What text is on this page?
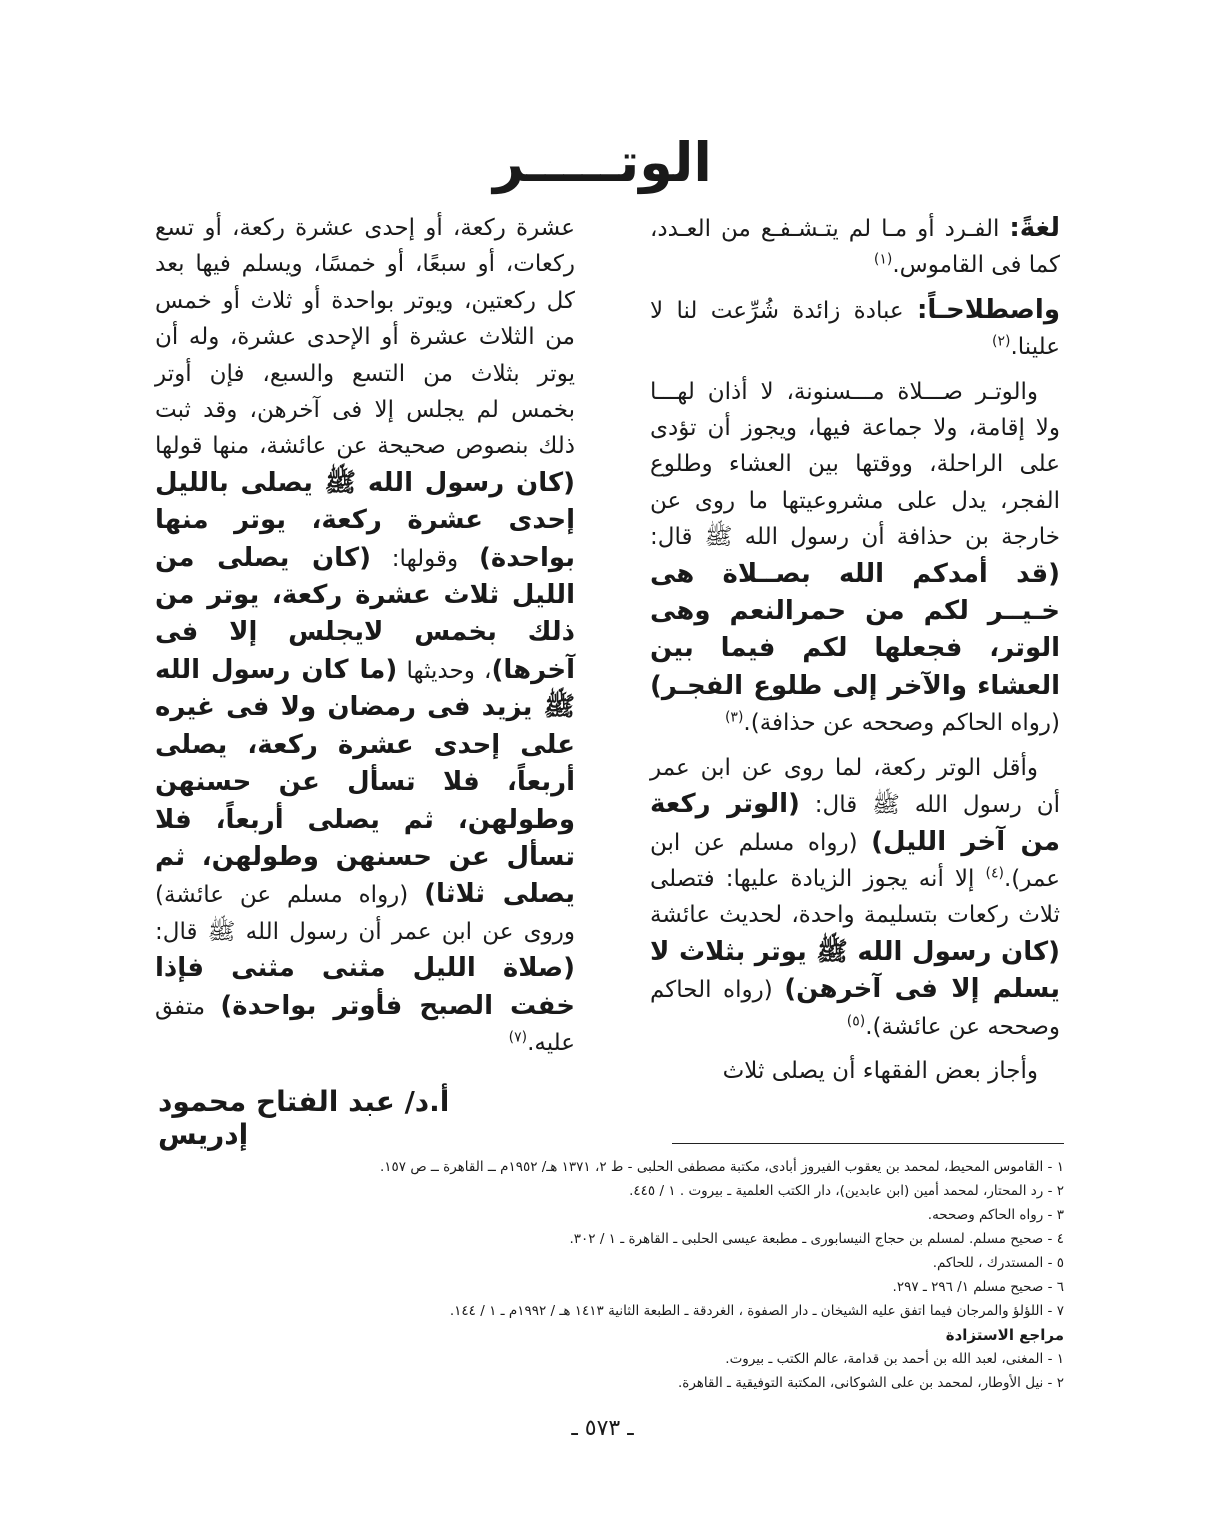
الوتـــــر

لغةً: الفـرد أو مـا لم يتـشـفـع من العـدد، كما فى القاموس.$^{(١)}$

واصطلاحـاً: عبادة زائدة شُرِّعت لنا لا علينا.$^{(٢)}$

والوتـر صـــلاة مـــسنونة، لا أذان لهـــا ولا إقامة، ولا جماعة فيها، ويجوز أن تؤدى على الراحلة، ووقتها بين العشاء وطلوع الفجر، يدل على مشروعيتها ما روى عن خارجة بن حذافة أن رسول الله ﷺ قال: (قد أمدكم الله بصــلاة هى خـيــر لكم من حمرالنعم وهى الوتر، فجعلها لكم فيما بين العشاء والآخر إلى طلوع الفجـر) (رواه الحاكم وصححه عن حذافة).$^{(٣)}$

وأقل الوتر ركعة، لما روى عن ابن عمر أن رسول الله ﷺ قال: (الوتر ركعة من آخر الليل) (رواه مسلم عن ابن عمر).$^{(٤)}$ إلا أنه يجوز الزيادة عليها: فتصلى ثلاث ركعات بتسليمة واحدة، لحديث عائشة (كان رسول الله ﷺ يوتر بثلاث لا يسلم إلا فى آخرهن) (رواه الحاكم وصححه عن عائشة).$^{(٥)}$

وأجاز بعض الفقهاء أن يصلى ثلاث

عشرة ركعة، أو إحدى عشرة ركعة، أو تسع ركعات، أو سبعًا، أو خمسًا، ويسلم فيها بعد كل ركعتين، ويوتر بواحدة أو ثلاث أو خمس من الثلاث عشرة أو الإحدى عشرة، وله أن يوتر بثلاث من التسع والسبع، فإن أوتر بخمس لم يجلس إلا فى آخرهن، وقد ثبت ذلك بنصوص صحيحة عن عائشة، منها قولها (كان رسول الله ﷺ يصلى بالليل إحدى عشرة ركعة، يوتر منها بواحدة) وقولها: (كان يصلى من الليل ثلاث عشرة ركعة، يوتر من ذلك بخمس لايجلس إلا فى آخرها)، وحديثها (ما كان رسول الله ﷺ يزيد فى رمضان ولا فى غيره على إحدى عشرة ركعة، يصلى أربعاً، فلا تسأل عن حسنهن وطولهن، ثم يصلى أربعاً، فلا تسأل عن حسنهن وطولهن، ثم يصلى ثلاثا) (رواه مسلم عن عائشة) وروى عن ابن عمر أن رسول الله ﷺ قال: (صلاة الليل مثنى مثنى فإذا خفت الصبح فأوتر بواحدة) متفق عليه.$^{(٧)}$

أ.د/ عبد الفتاح محمود إدريس
١ - القاموس المحيط، لمحمد بن يعقوب الفيروز أبادى، مكتبة مصطفى الحلبى - ط ٢، ١٣٧١ هـ/ ١٩٥٢م ــ القاهرة ــ ص ١٥٧.
٢ - رد المحتار، لمحمد أمين (ابن عابدين)، دار الكتب العلمية ـ بيروت . ١ / ٤٤٥.
٣ - رواه الحاكم وصححه.
٤ - صحيح مسلم. لمسلم بن حجاج النيسابورى ـ مطبعة عيسى الحلبى ـ القاهرة ـ ١ / ٣٠٢.
٥ - المستدرك ، للحاكم.
٦ - صحيح مسلم ١/ ٢٩٦ ـ ٢٩٧.
٧ - اللؤلؤ والمرجان فيما اتفق عليه الشيخان ـ دار الصفوة ، الغردقة ـ الطبعة الثانية ١٤١٣ هـ / ١٩٩٢م ـ ١ / ١٤٤.
مراجع الاستزادة
١ - المغنى، لعبد الله بن أحمد بن قدامة، عالم الكتب ـ بيروت.
٢ - نيل الأوطار، لمحمد بن على الشوكانى، المكتبة التوفيقية ـ القاهرة.
ـ ٥٧٣ ـ
